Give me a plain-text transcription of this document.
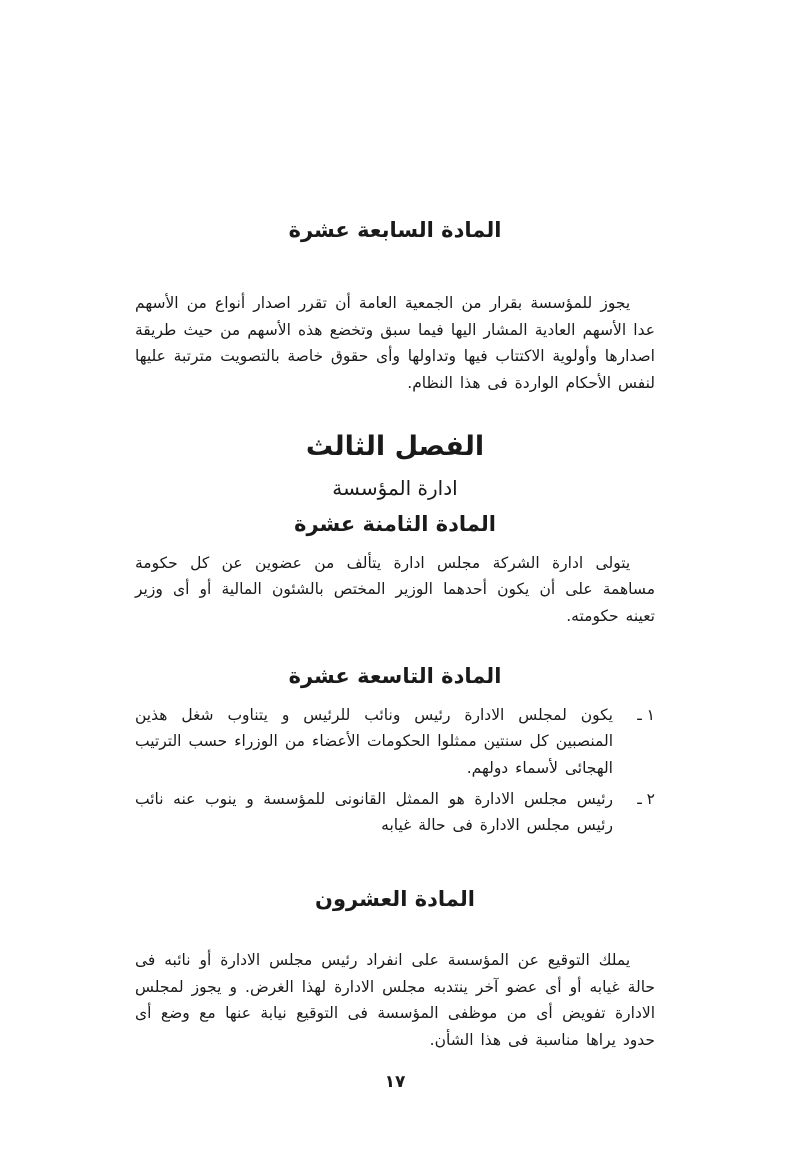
المادة السابعة عشرة

يجوز للمؤسسة بقرار من الجمعية العامة أن تقرر اصدار أنواع من الأسهم عدا الأسهم العادية المشار اليها فيما سبق وتخضع هذه الأسهم من حيث طريقة اصدارها وأولوية الاكتتاب فيها وتداولها وأى حقوق خاصة بالتصويت مترتبة عليها لنفس الأحكام الواردة فى هذا النظام.

الفصل الثالث
ادارة المؤسسة
المادة الثامنة عشرة

يتولى ادارة الشركة مجلس ادارة يتألف من عضوين عن كل حكومة مساهمة على أن يكون أحدهما الوزير المختص بالشئون المالية أو أى وزير تعينه حكومته.

المادة التاسعة عشرة
١ ـ
يكون لمجلس الادارة رئيس ونائب للرئيس و يتناوب شغل هذين المنصبين كل سنتين ممثلوا الحكومات الأعضاء من الوزراء حسب الترتيب الهجائى لأسماء دولهم.
٢ ـ
رئيس مجلس الادارة هو الممثل القانونى للمؤسسة و ينوب عنه نائب رئيس مجلس الادارة فى حالة غيابه
المادة العشرون

يملك التوقيع عن المؤسسة على انفراد رئيس مجلس الادارة أو نائبه فى حالة غيابه أو أى عضو آخر ينتدبه مجلس الادارة لهذا الغرض. و يجوز لمجلس الادارة تفويض أى من موظفى المؤسسة فى التوقيع نيابة عنها مع وضع أى حدود يراها مناسبة فى هذا الشأن.

١٧
